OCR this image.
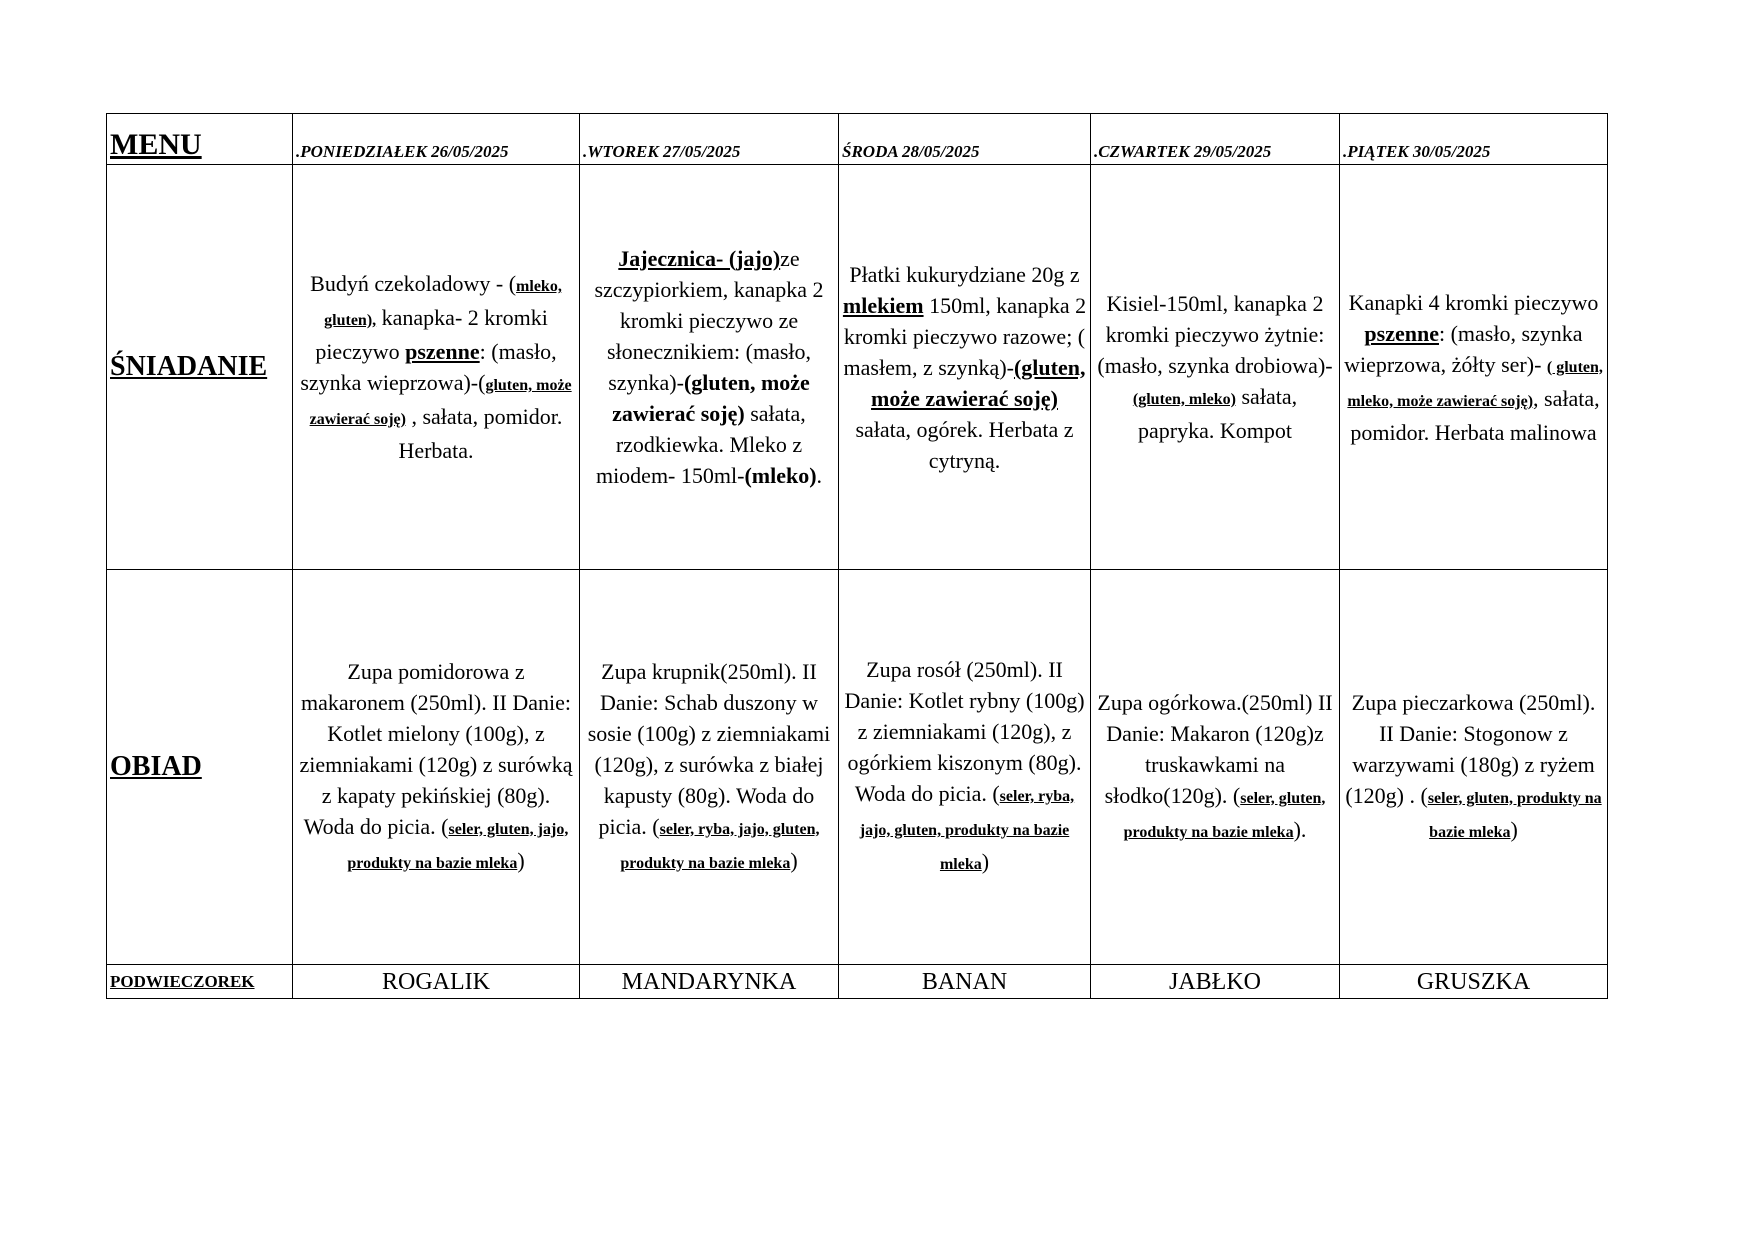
MENU	.PONIEDZIAŁEK 26/05/2025	.WTOREK 27/05/2025	ŚRODA 28/05/2025	.CZWARTEK 29/05/2025	.PIĄTEK 30/05/2025
ŚNIADANIE	Budyń czekoladowy - (mleko, gluten), kanapka- 2 kromki pieczywo pszenne: (masło, szynka wieprzowa)-(gluten, może zawierać soję) , sałata, pomidor. Herbata.	Jajecznica- (jajo)ze szczypiorkiem, kanapka 2 kromki pieczywo ze słonecznikiem: (masło, szynka)-(gluten, może zawierać soję) sałata, rzodkiewka. Mleko z miodem- 150ml-(mleko).	Płatki kukurydziane 20g z mlekiem 150ml, kanapka 2 kromki pieczywo razowe; ( masłem, z szynką)-(gluten, może zawierać soję) sałata, ogórek. Herbata z cytryną.	Kisiel-150ml, kanapka 2 kromki pieczywo żytnie:(masło, szynka drobiowa)- (gluten, mleko) sałata, papryka. Kompot	Kanapki 4 kromki pieczywo pszenne: (masło, szynka wieprzowa, żółty ser)- ( gluten, mleko, może zawierać soję), sałata, pomidor. Herbata malinowa
OBIAD	Zupa pomidorowa z makaronem (250ml). II Danie: Kotlet mielony (100g), z ziemniakami (120g) z surówką z kapaty pekińskiej (80g). Woda do picia. (seler, gluten, jajo, produkty na bazie mleka)	Zupa krupnik(250ml). II Danie: Schab duszony w sosie (100g) z ziemniakami (120g), z surówka z białej kapusty (80g). Woda do picia. (seler, ryba, jajo, gluten, produkty na bazie mleka)	Zupa rosół (250ml). II Danie: Kotlet rybny (100g) z ziemniakami (120g), z ogórkiem kiszonym (80g). Woda do picia. (seler, ryba, jajo, gluten, produkty na bazie mleka)	Zupa ogórkowa.(250ml) II Danie: Makaron (120g)z truskawkami na słodko(120g). (seler, gluten, produkty na bazie mleka).	Zupa pieczarkowa (250ml). II Danie: Stogonow z warzywami (180g) z ryżem (120g) . (seler, gluten, produkty na bazie mleka)
PODWIECZOREK	ROGALIK	MANDARYNKA	BANAN	JABŁKO	GRUSZKA
